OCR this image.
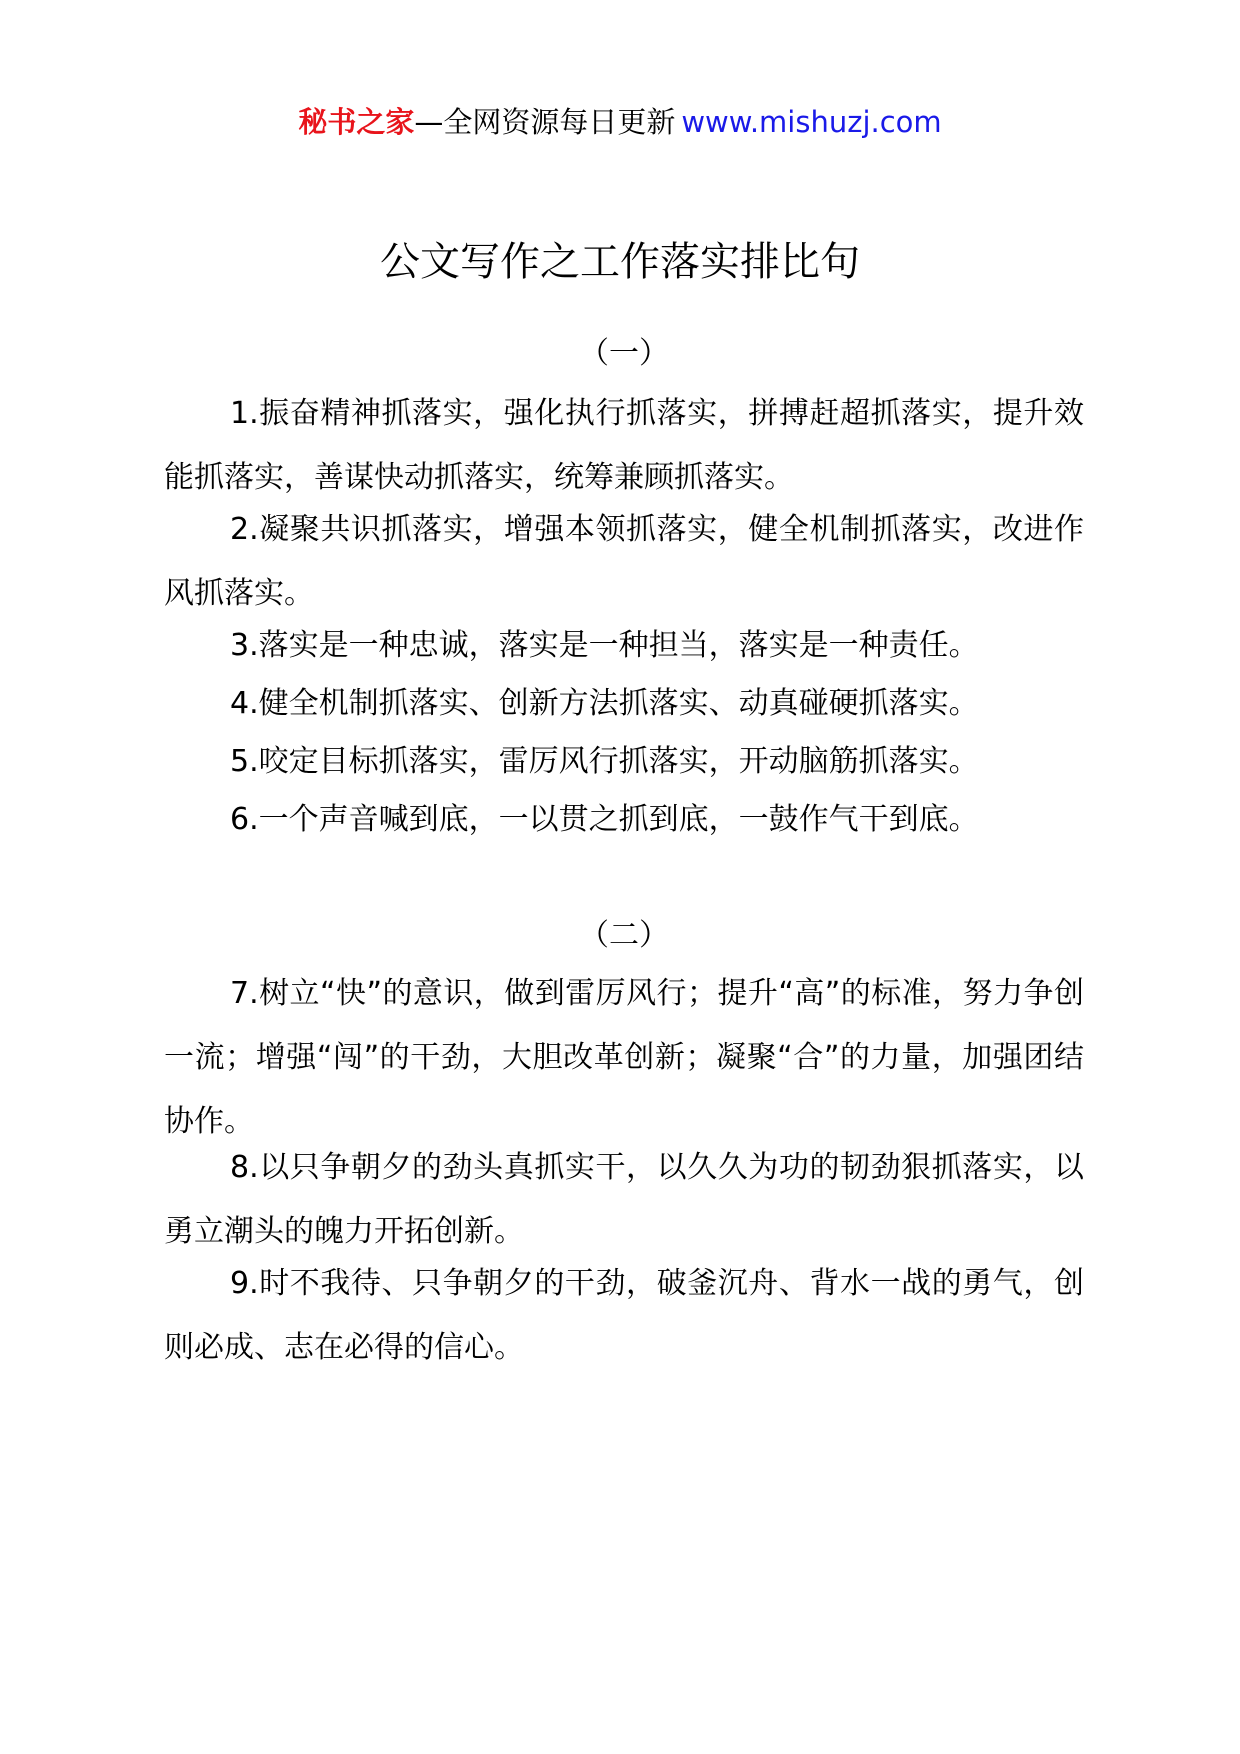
秘书之家—全网资源每日更新 www.mishuzj.com
公文写作之工作落实排比句

（一）

1.振奋精神抓落实，强化执行抓落实，拼搏赶超抓落实，提升效能抓落实，善谋快动抓落实，统筹兼顾抓落实。

2.凝聚共识抓落实，增强本领抓落实，健全机制抓落实，改进作风抓落实。

3.落实是一种忠诚，落实是一种担当，落实是一种责任。

4.健全机制抓落实、创新方法抓落实、动真碰硬抓落实。

5.咬定目标抓落实，雷厉风行抓落实，开动脑筋抓落实。

6.一个声音喊到底，一以贯之抓到底，一鼓作气干到底。

（二）

7.树立“快”的意识，做到雷厉风行；提升“高”的标准，努力争创一流；增强“闯”的干劲，大胆改革创新；凝聚“合”的力量，加强团结协作。

8.以只争朝夕的劲头真抓实干，以久久为功的韧劲狠抓落实，以勇立潮头的魄力开拓创新。

9.时不我待、只争朝夕的干劲，破釜沉舟、背水一战的勇气，创则必成、志在必得的信心。
